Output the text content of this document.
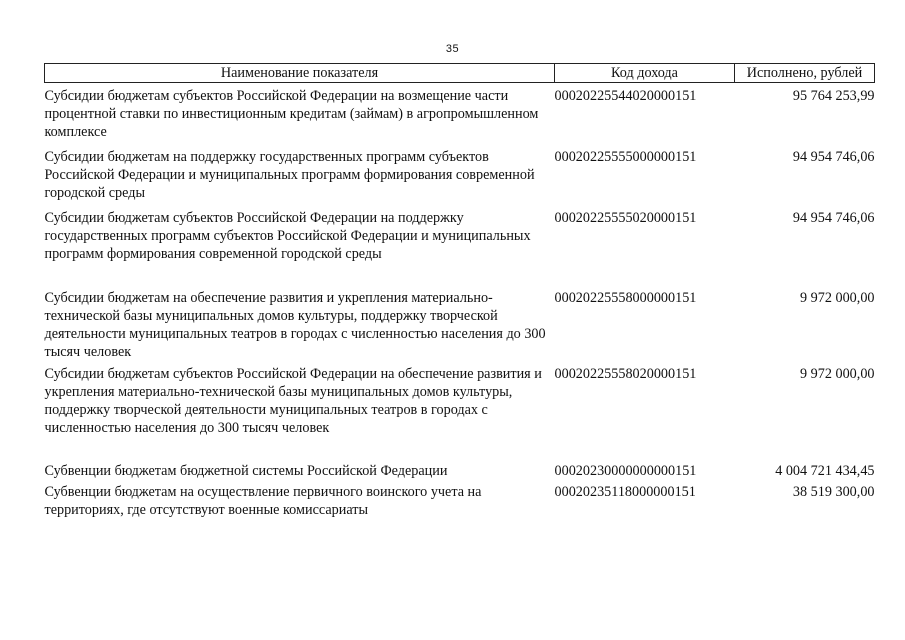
35
Наименование показателя	Код дохода	Исполнено, рублей
Субсидии бюджетам субъектов Российской Федерации на возмещение части процентной ставки по инвестиционным кредитам (займам) в агропромышленном комплексе	00020225544020000151	95 764 253,99
Субсидии бюджетам на поддержку государственных программ субъектов Российской Федерации и муниципальных программ формирования современной городской среды	00020225555000000151	94 954 746,06
Субсидии бюджетам субъектов Российской Федерации на поддержку государственных программ субъектов Российской Федерации и муниципальных программ формирования современной городской среды	00020225555020000151	94 954 746,06
Субсидии бюджетам на обеспечение развития и укрепления материально-технической базы муниципальных домов культуры, поддержку творческой деятельности муниципальных театров в городах с численностью населения до 300 тысяч человек	00020225558000000151	9 972 000,00
Субсидии бюджетам субъектов Российской Федерации на обеспечение развития и укрепления материально-технической базы муниципальных домов культуры, поддержку творческой деятельности муниципальных театров в городах с численностью населения до 300 тысяч человек	00020225558020000151	9 972 000,00
Субвенции бюджетам бюджетной системы Российской Федерации	00020230000000000151	4 004 721 434,45
Субвенции бюджетам на осуществление первичного воинского учета на территориях, где отсутствуют военные комиссариаты	00020235118000000151	38 519 300,00
